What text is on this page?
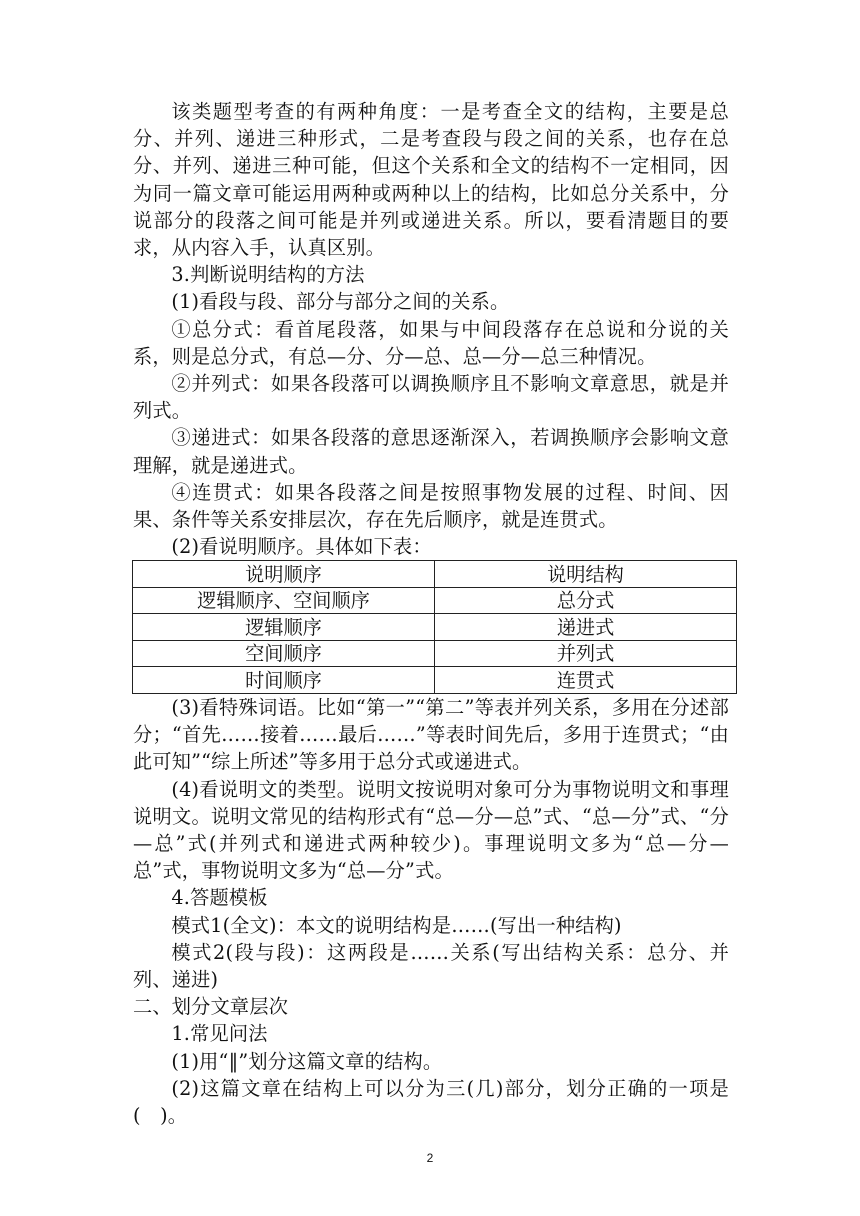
该类题型考查的有两种角度：一是考查全文的结构，主要是总分、并列、递进三种形式，二是考查段与段之间的关系，也存在总分、并列、递进三种可能，但这个关系和全文的结构不一定相同，因为同一篇文章可能运用两种或两种以上的结构，比如总分关系中，分说部分的段落之间可能是并列或递进关系。所以，要看清题目的要求，从内容入手，认真区别。

3.判断说明结构的方法

(1)看段与段、部分与部分之间的关系。

①总分式：看首尾段落，如果与中间段落存在总说和分说的关系，则是总分式，有总—分、分—总、总—分—总三种情况。

②并列式：如果各段落可以调换顺序且不影响文章意思，就是并列式。

③递进式：如果各段落的意思逐渐深入，若调换顺序会影响文意理解，就是递进式。

④连贯式：如果各段落之间是按照事物发展的过程、时间、因果、条件等关系安排层次，存在先后顺序，就是连贯式。

(2)看说明顺序。具体如下表：

说明顺序	说明结构
逻辑顺序、空间顺序	总分式
逻辑顺序	递进式
空间顺序	并列式
时间顺序	连贯式

(3)看特殊词语。比如“第一”“第二”等表并列关系，多用在分述部分；“首先……接着……最后……”等表时间先后，多用于连贯式；“由此可知”“综上所述”等多用于总分式或递进式。

(4)看说明文的类型。说明文按说明对象可分为事物说明文和事理说明文。说明文常见的结构形式有“总—分—总”式、“总—分”式、“分—总”式(并列式和递进式两种较少)。事理说明文多为“总—分—总”式，事物说明文多为“总—分”式。

4.答题模板

模式1(全文)：本文的说明结构是……(写出一种结构)

模式2(段与段)：这两段是……关系(写出结构关系：总分、并列、递进)

二、划分文章层次

1.常见问法

(1)用“‖”划分这篇文章的结构。

(2)这篇文章在结构上可以分为三(几)部分，划分正确的一项是(　)。

2
